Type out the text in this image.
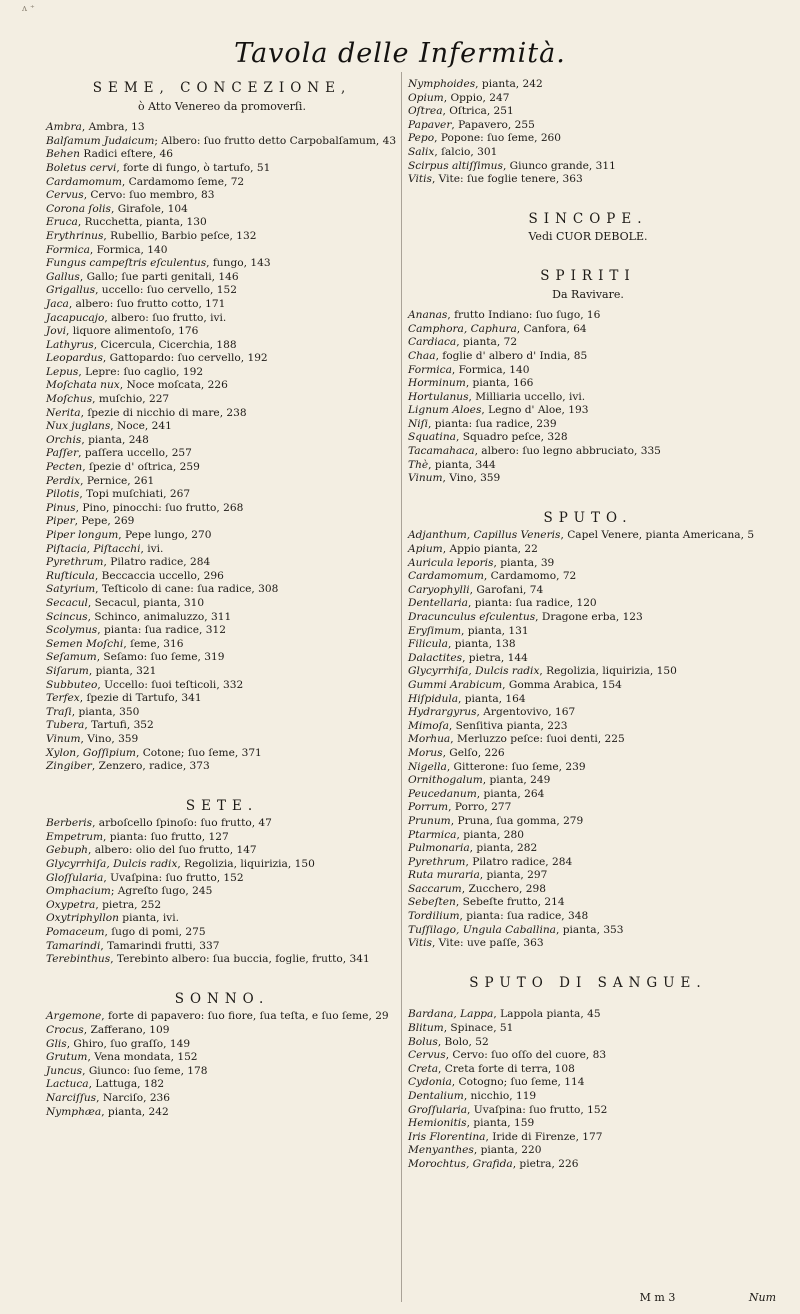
ʌ ⁺
Tavola delle Infermità.
SEME, CONCEZIONE,
ò Atto Venereo da promoverſi.

Ambra, Ambra, 13

Balſamum Judaicum; Albero: ſuo frutto detto Carpobalſamum, 43

Behen Radici eſtere, 46

Boletus cervi, forte di fungo, ò tartufo, 51

Cardamomum, Cardamomo ſeme, 72

Cervus, Cervo: ſuo membro, 83

Corona ſolis, Girafole, 104

Eruca, Rucchetta, pianta, 130

Erythrinus, Rubellio, Barbio peſce, 132

Formica, Formica, 140

Fungus campeſtris eſculentus, fungo, 143

Gallus, Gallo; ſue parti genitali, 146

Grigallus, uccello: ſuo cervello, 152

Jaca, albero: ſuo frutto cotto, 171

Jacapucajo, albero: ſuo frutto, ivi.

Jovi, liquore alimentoſo, 176

Lathyrus, Cicercula, Cicerchia, 188

Leopardus, Gattopardo: ſuo cervello, 192

Lepus, Lepre: ſuo caglio, 192

Moſchata nux, Noce moſcata, 226

Moſchus, muſchio, 227

Nerita, ſpezie di nicchio di mare, 238

Nux juglans, Noce, 241

Orchis, pianta, 248

Paſſer, paſſera uccello, 257

Pecten, ſpezie d' oſtrica, 259

Perdix, Pernice, 261

Pilotis, Topi muſchiati, 267

Pinus, Pino, pinocchi: ſuo frutto, 268

Piper, Pepe, 269

Piper longum, Pepe lungo, 270

Piſtacia, Piſtacchi, ivi.

Pyrethrum, Pilatro radice, 284

Ruſticula, Beccaccia uccello, 296

Satyrium, Teſticolo di cane: ſua radice, 308

Secacul, Secacul, pianta, 310

Scincus, Schinco, animaluzzo, 311

Scolymus, pianta: ſua radice, 312

Semen Moſchi, ſeme, 316

Seſamum, Seſamo: ſuo ſeme, 319

Siſarum, pianta, 321

Subbuteo, Uccello: ſuoi teſticoli, 332

Terfex, ſpezie di Tartufo, 341

Traſi, pianta, 350

Tubera, Tartufi, 352

Vinum, Vino, 359

Xylon, Goſſipium, Cotone; ſuo ſeme, 371

Zingiber, Zenzero, radice, 373

SETE.

Berberis, arboſcello ſpinoſo: ſuo frutto, 47

Empetrum, pianta: ſuo frutto, 127

Gebuph, albero: olio del ſuo frutto, 147

Glycyrrhiſa, Dulcis radix, Regolizia, liquirizia, 150

Gloſſularia, Uvaſpina: ſuo frutto, 152

Omphacium; Agreſto ſugo, 245

Oxypetra, pietra, 252

Oxytriphyllon pianta, ivi.

Pomaceum, ſugo di pomi, 275

Tamarindi, Tamarindi frutti, 337

Terebinthus, Terebinto albero: ſua buccia, foglie, frutto, 341

SONNO.

Argemone, forte di papavero: ſuo fiore, ſua teſta, e ſuo ſeme, 29

Crocus, Zafferano, 109

Glis, Ghiro, ſuo graſſo, 149

Grutum, Vena mondata, 152

Juncus, Giunco: ſuo ſeme, 178

Lactuca, Lattuga, 182

Narciſſus, Narciſo, 236

Nymphæa, pianta, 242

Nymphoides, pianta, 242

Opium, Oppio, 247

Oſtrea, Oſtrica, 251

Papaver, Papavero, 255

Pepo, Popone: ſuo ſeme, 260

Salix, ſalcio, 301

Scirpus altiſſimus, Giunco grande, 311

Vitis, Vite: ſue foglie tenere, 363

SINCOPE.
Vedi CUOR DEBOLE.
SPIRITI
Da Ravivare.

Ananas, frutto Indiano: ſuo ſugo, 16

Camphora, Caphura, Canfora, 64

Cardiaca, pianta, 72

Chaa, foglie d' albero d' India, 85

Formica, Formica, 140

Horminum, pianta, 166

Hortulanus, Milliaria uccello, ivi.

Lignum Aloes, Legno d' Aloe, 193

Niſi, pianta: ſua radice, 239

Squatina, Squadro peſce, 328

Tacamahaca, albero: ſuo legno abbruciato, 335

Thè, pianta, 344

Vinum, Vino, 359

SPUTO.

Adjanthum, Capillus Veneris, Capel Venere, pianta Americana, 5

Apium, Appio pianta, 22

Auricula leporis, pianta, 39

Cardamomum, Cardamomo, 72

Caryophylli, Garofani, 74

Dentellaria, pianta: ſua radice, 120

Dracunculus eſculentus, Dragone erba, 123

Eryſimum, pianta, 131

Filicula, pianta, 138

Dalactites, pietra, 144

Glycyrrhiſa, Dulcis radix, Regolizia, liquirizia, 150

Gummi Arabicum, Gomma Arabica, 154

Hiſpidula, pianta, 164

Hydrargyrus, Argentovivo, 167

Mimoſa, Senſitiva pianta, 223

Morhua, Merluzzo peſce: ſuoi denti, 225

Morus, Gelſo, 226

Nigella, Gitterone: ſuo ſeme, 239

Ornithogalum, pianta, 249

Peucedanum, pianta, 264

Porrum, Porro, 277

Prunum, Pruna, ſua gomma, 279

Ptarmica, pianta, 280

Pulmonaria, pianta, 282

Pyrethrum, Pilatro radice, 284

Ruta muraria, pianta, 297

Saccarum, Zucchero, 298

Sebeſten, Sebeſte frutto, 214

Tordilium, pianta: ſua radice, 348

Tuſſilago, Ungula Caballina, pianta, 353

Vitis, Vite: uve paſſe, 363

SPUTO DI SANGUE.

Bardana, Lappa, Lappola pianta, 45

Blitum, Spinace, 51

Bolus, Bolo, 52

Cervus, Cervo: ſuo oſſo del cuore, 83

Creta, Creta forte di terra, 108

Cydonia, Cotogno; ſuo ſeme, 114

Dentalium, nicchio, 119

Groſſularia, Uvaſpina: ſuo frutto, 152

Hemionitis, pianta, 159

Iris Florentina, Iride di Firenze, 177

Menyanthes, pianta, 220

Morochtus, Grafida, pietra, 226

M m 3	Num
